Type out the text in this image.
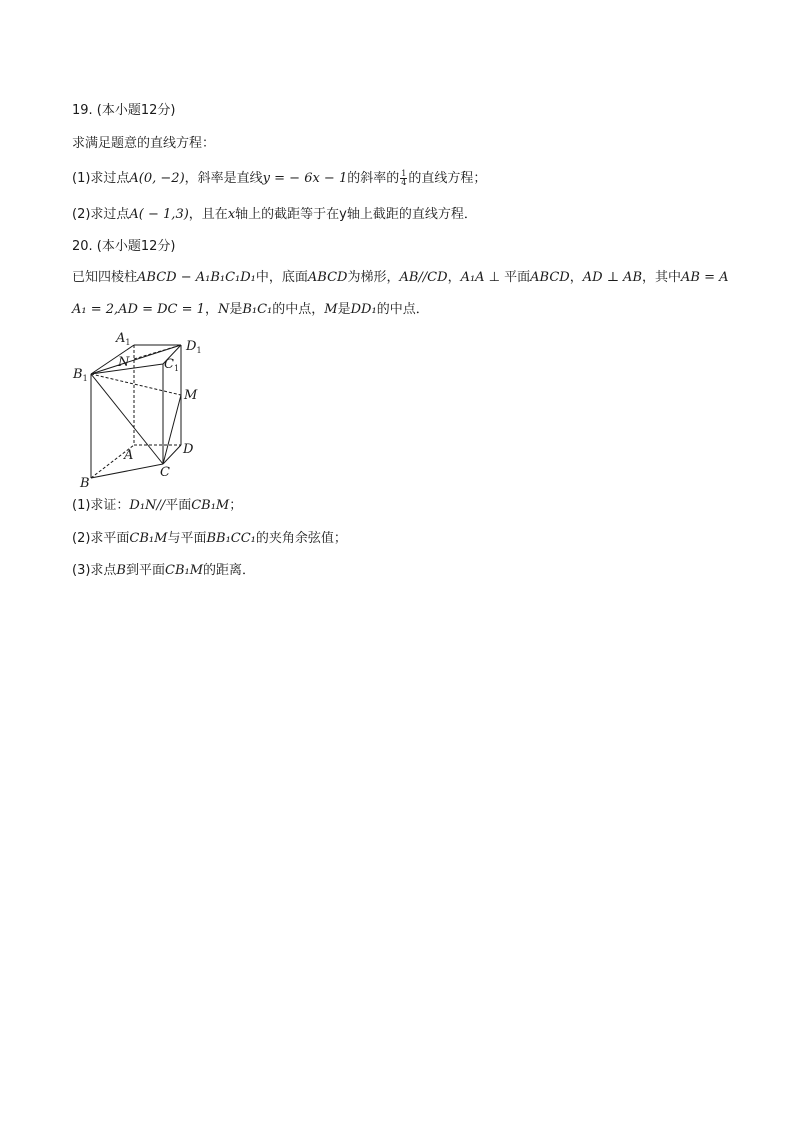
19. (本小题12分)
求满足题意的直线方程：
(1)求过点A(0, −2)，斜率是直线y = − 6x − 1的斜率的 $\frac{1}{4}$ 的直线方程；
(2)求过点A( − 1,3)，且在x轴上的截距等于在y轴上截距的直线方程．
20. (本小题12分)
已知四棱柱ABCD − A₁B₁C₁D₁中，底面ABCD为梯形，AB//CD，A₁A ⊥ 平面ABCD，AD ⊥ AB，其中AB = A
A₁ = 2,AD = DC = 1，N是B₁C₁的中点，M是DD₁的中点．
$A_1$	$D_1$
N	$C_1$
$B_1$
M
A	D
C
B
(1)求证：D₁N//平面CB₁M；
(2)求平面CB₁M与平面BB₁CC₁的夹角余弦值；
(3)求点B到平面CB₁M的距离．
